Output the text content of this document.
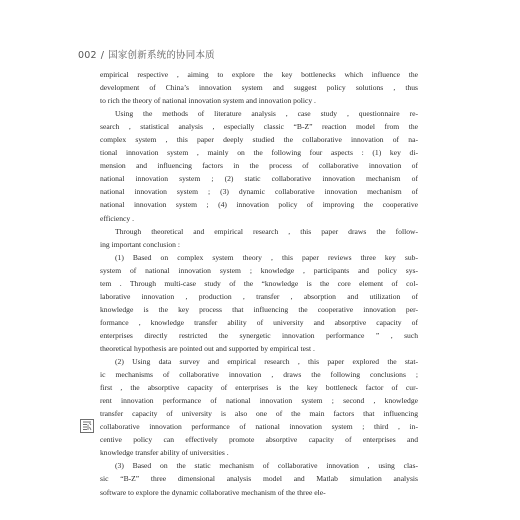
002 / 国家创新系统的协同本质
empirical respective , aiming to explore the key bottlenecks which influence the
development of China’s innovation system and suggest policy solutions , thus
to rich the theory of national innovation system and innovation policy .
Using the methods of literature analysis , case study , questionnaire re-
search , statistical analysis , especially classic “B-Z” reaction model from the
complex system , this paper deeply studied the collaborative innovation of na-
tional innovation system , mainly on the following four aspects : (1) key di-
mension and influencing factors in the process of collaborative innovation of
national innovation system ; (2) static collaborative innovation mechanism of
national innovation system ; (3) dynamic collaborative innovation mechanism of
national innovation system ; (4) innovation policy of improving the cooperative
efficiency .
Through theoretical and empirical research , this paper draws the follow-
ing important conclusion :
(1) Based on complex system theory , this paper reviews three key sub-
system of national innovation system ; knowledge , participants and policy sys-
tem . Through multi-case study of the “knowledge is the core element of col-
laborative innovation , production , transfer , absorption and utilization of
knowledge is the key process that influencing the cooperative innovation per-
formance , knowledge transfer ability of university and absorptive capacity of
enterprises directly restricted the synergetic innovation performance ” , such
theoretical hypothesis are pointed out and supported by empirical test .
(2) Using data survey and empirical research , this paper explored the stat-
ic mechanisms of collaborative innovation , draws the following conclusions ;
first , the absorptive capacity of enterprises is the key bottleneck factor of cur-
rent innovation performance of national innovation system ; second , knowledge
transfer capacity of university is also one of the main factors that influencing
collaborative innovation performance of national innovation system ; third , in-
centive policy can effectively promote absorptive capacity of enterprises and
knowledge transfer ability of universities .
(3) Based on the static mechanism of collaborative innovation , using clas-
sic “B-Z” three dimensional analysis model and Matlab simulation analysis
software to explore the dynamic collaborative mechanism of the three ele-
